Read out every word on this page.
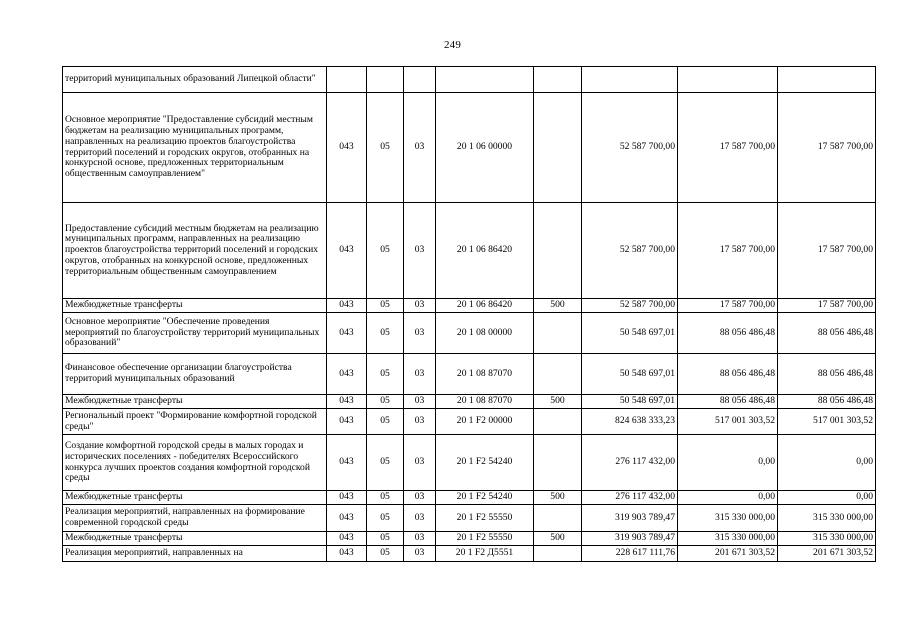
249
территорий муниципальных образований Липецкой области"								
Основное мероприятие "Предоставление субсидий местным бюджетам на реализацию муниципальных программ, направленных на реализацию проектов благоустройства территорий поселений и городских округов, отобранных на конкурсной основе, предложенных территориальным общественным самоуправлением"	043	05	03	20 1 06 00000		52 587 700,00	17 587 700,00	17 587 700,00
Предоставление субсидий местным бюджетам на реализацию муниципальных программ, направленных на реализацию проектов благоустройства территорий поселений и городских округов, отобранных на конкурсной основе, предложенных территориальным общественным самоуправлением	043	05	03	20 1 06 86420		52 587 700,00	17 587 700,00	17 587 700,00
Межбюджетные трансферты	043	05	03	20 1 06 86420	500	52 587 700,00	17 587 700,00	17 587 700,00
Основное мероприятие "Обеспечение проведения мероприятий по благоустройству территорий муниципальных образований"	043	05	03	20 1 08 00000		50 548 697,01	88 056 486,48	88 056 486,48
Финансовое обеспечение организации благоустройства территорий муниципальных образований	043	05	03	20 1 08 87070		50 548 697,01	88 056 486,48	88 056 486,48
Межбюджетные трансферты	043	05	03	20 1 08 87070	500	50 548 697,01	88 056 486,48	88 056 486,48
Региональный проект "Формирование комфортной городской среды"	043	05	03	20 1 F2 00000		824 638 333,23	517 001 303,52	517 001 303,52
Создание комфортной городской среды в малых городах и исторических поселениях - победителях Всероссийского конкурса лучших проектов создания комфортной городской среды	043	05	03	20 1 F2 54240		276 117 432,00	0,00	0,00
Межбюджетные трансферты	043	05	03	20 1 F2 54240	500	276 117 432,00	0,00	0,00
Реализация мероприятий, направленных на формирование современной городской среды	043	05	03	20 1 F2 55550		319 903 789,47	315 330 000,00	315 330 000,00
Межбюджетные трансферты	043	05	03	20 1 F2 55550	500	319 903 789,47	315 330 000,00	315 330 000,00
Реализация мероприятий, направленных на	043	05	03	20 1 F2 Д5551		228 617 111,76	201 671 303,52	201 671 303,52
